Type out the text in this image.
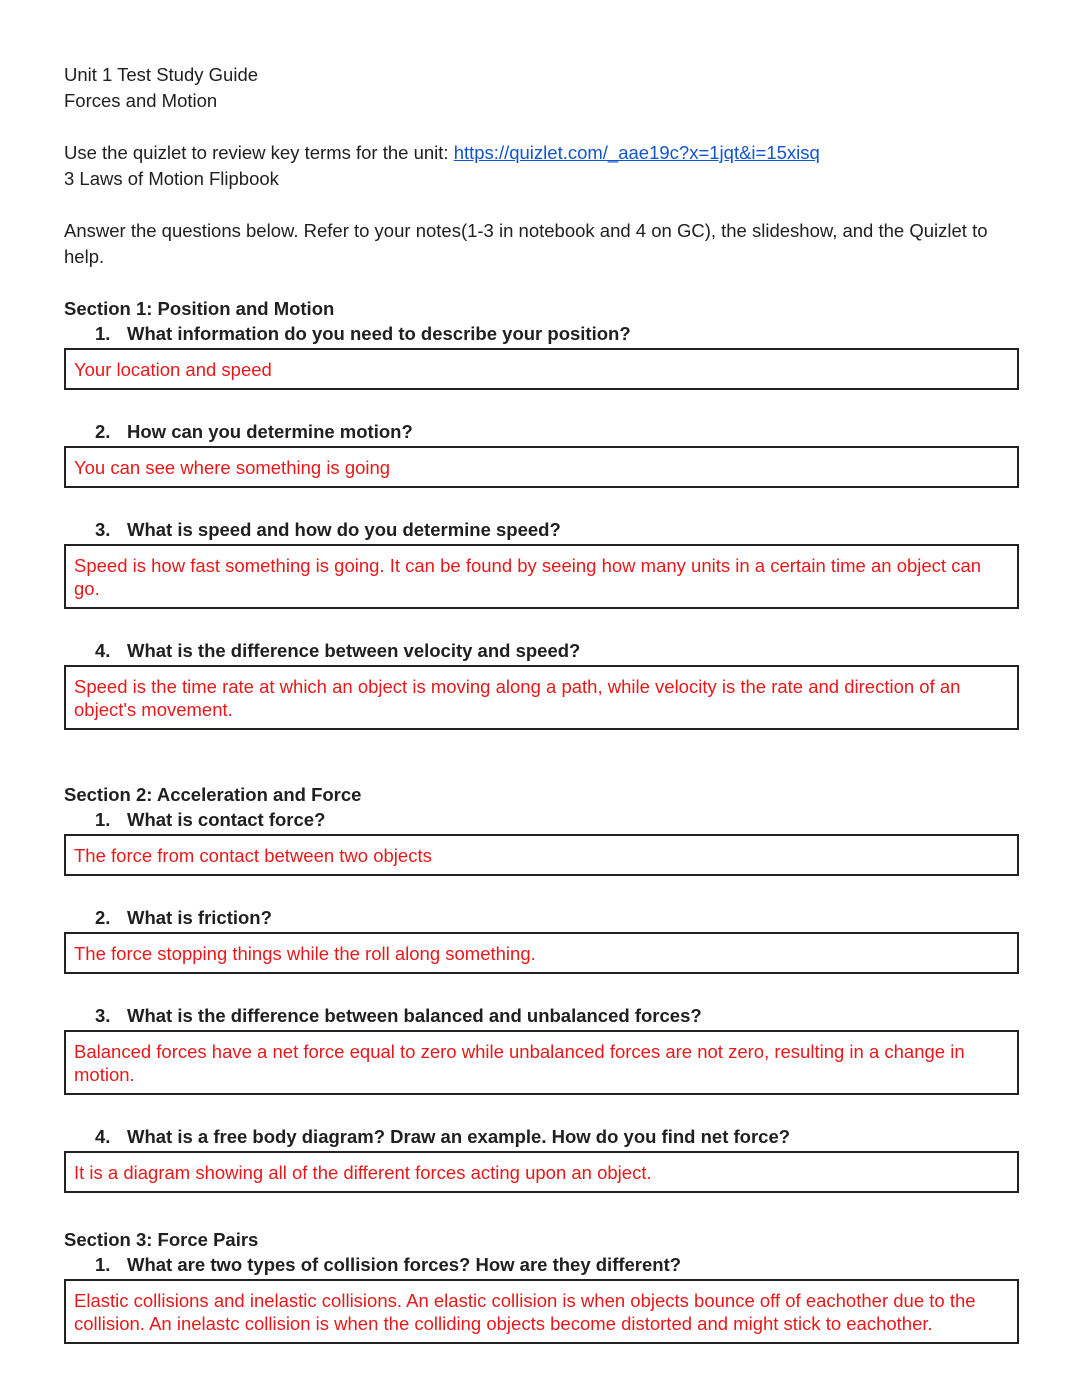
Unit 1 Test Study Guide

Forces and Motion

Use the quizlet to review key terms for the unit: https://quizlet.com/_aae19c?x=1jqt&i=15xisq

3 Laws of Motion Flipbook

Answer the questions below. Refer to your notes(1-3 in notebook and 4 on GC), the slideshow, and the Quizlet to help.

Section 1: Position and Motion

1. What information do you need to describe your position?

Your location and speed

2. How can you determine motion?

You can see where something is going

3. What is speed and how do you determine speed?

Speed is how fast something is going. It can be found by seeing how many units in a certain time an object can go.

4. What is the difference between velocity and speed?

Speed is the time rate at which an object is moving along a path, while velocity is the rate and direction of an object's movement.

Section 2: Acceleration and Force

1. What is contact force?

The force from contact between two objects

2. What is friction?

The force stopping things while the roll along something.

3. What is the difference between balanced and unbalanced forces?

Balanced forces have a net force equal to zero while unbalanced forces are not zero, resulting in a change in motion.

4. What is a free body diagram? Draw an example. How do you find net force?

It is a diagram showing all of the different forces acting upon an object.

Section 3: Force Pairs

1. What are two types of collision forces? How are they different?

Elastic collisions and inelastic collisions. An elastic collision is when objects bounce off of eachother due to the collision. An inelastc collision is when the colliding objects become distorted and might stick to eachother.
